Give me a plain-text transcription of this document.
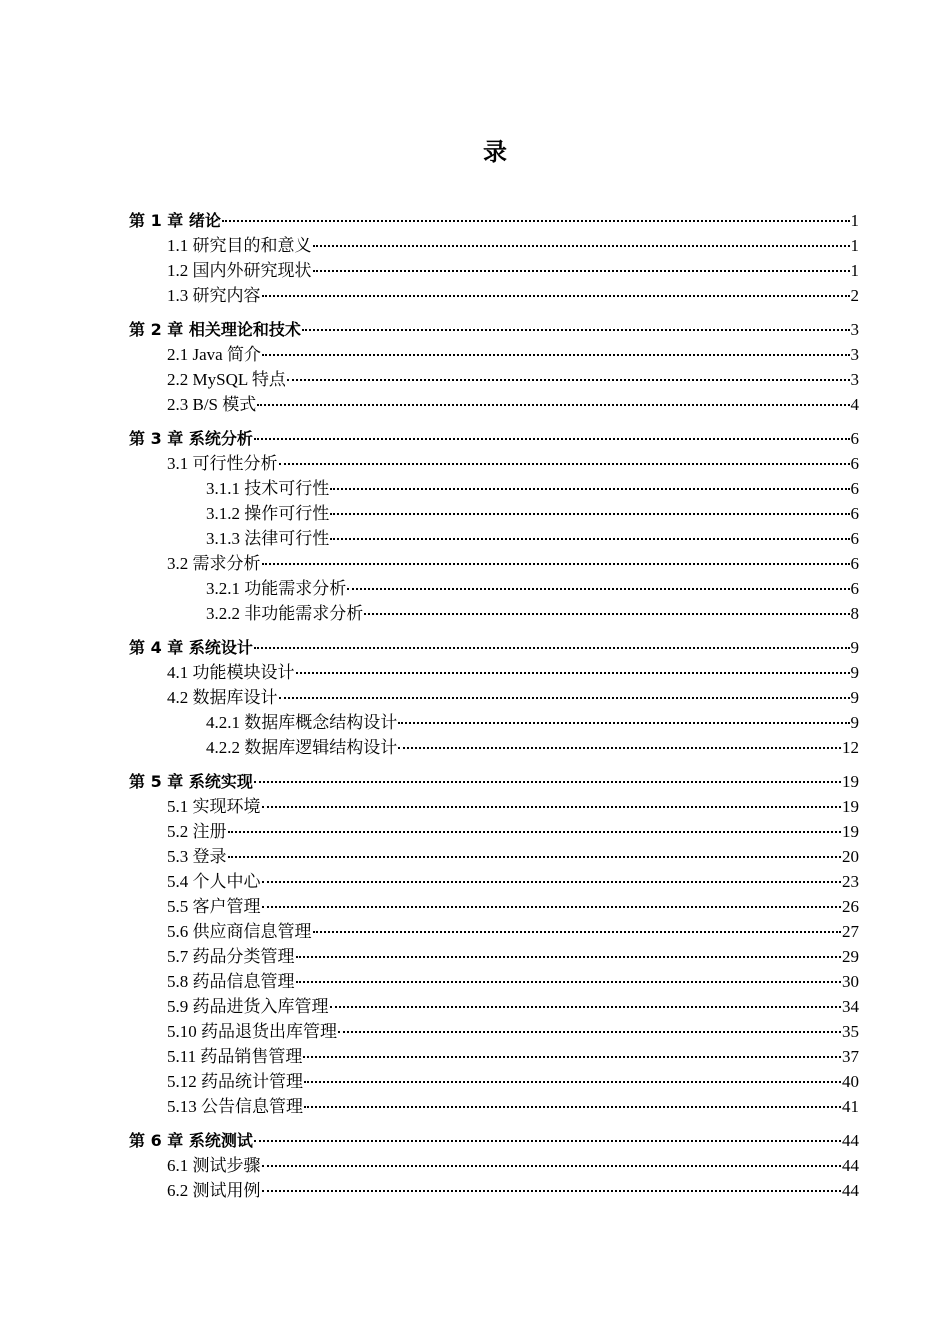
录
第 1 章 绪论	1
1.1 研究目的和意义	1
1.2 国内外研究现状	1
1.3 研究内容	2
第 2 章 相关理论和技术	3
2.1 Java 简介	3
2.2 MySQL 特点	3
2.3 B/S 模式	4
第 3 章 系统分析	6
3.1 可行性分析	6
3.1.1 技术可行性	6
3.1.2 操作可行性	6
3.1.3 法律可行性	6
3.2 需求分析	6
3.2.1 功能需求分析	6
3.2.2 非功能需求分析	8
第 4 章 系统设计	9
4.1 功能模块设计	9
4.2 数据库设计	9
4.2.1 数据库概念结构设计	9
4.2.2 数据库逻辑结构设计	12
第 5 章 系统实现	19
5.1 实现环境	19
5.2 注册	19
5.3 登录	20
5.4 个人中心	23
5.5 客户管理	26
5.6 供应商信息管理	27
5.7 药品分类管理	29
5.8 药品信息管理	30
5.9 药品进货入库管理	34
5.10 药品退货出库管理	35
5.11 药品销售管理	37
5.12 药品统计管理	40
5.13 公告信息管理	41
第 6 章 系统测试	44
6.1 测试步骤	44
6.2 测试用例	44
